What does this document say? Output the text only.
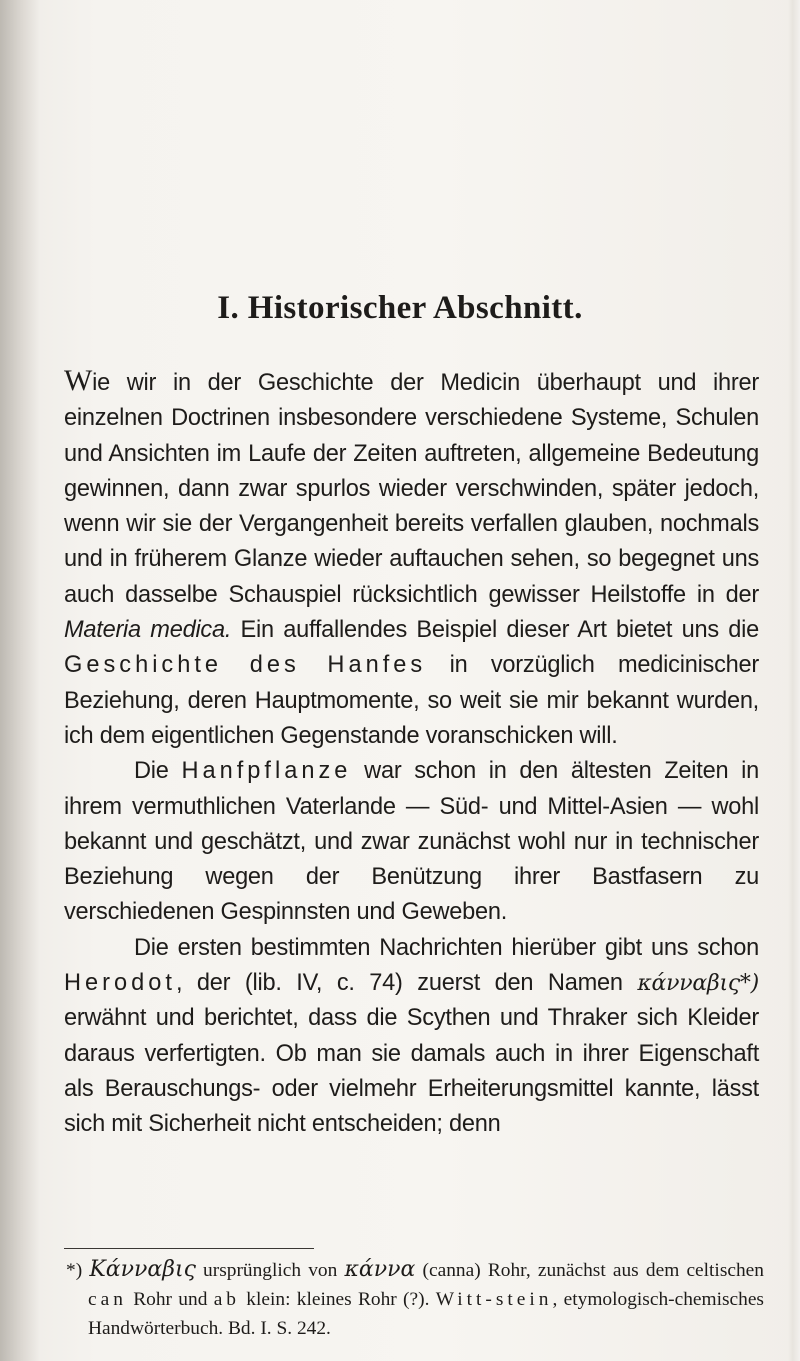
I. Historischer Abschnitt.

Wie wir in der Geschichte der Medicin überhaupt und ihrer einzelnen Doctrinen insbesondere verschiedene Systeme, Schulen und Ansichten im Laufe der Zeiten auftreten, allgemeine Bedeutung gewinnen, dann zwar spurlos wieder verschwinden, später jedoch, wenn wir sie der Vergangenheit bereits verfallen glauben, nochmals und in früherem Glanze wieder auftauchen sehen, so begegnet uns auch dasselbe Schauspiel rücksichtlich gewisser Heilstoffe in der Materia medica. Ein auffallendes Beispiel dieser Art bietet uns die Geschichte des Hanfes in vorzüglich medicinischer Beziehung, deren Hauptmomente, so weit sie mir bekannt wurden, ich dem eigentlichen Gegenstande voranschicken will.

Die Hanfpflanze war schon in den ältesten Zeiten in ihrem vermuthlichen Vaterlande — Süd- und Mittel-Asien — wohl bekannt und geschätzt, und zwar zunächst wohl nur in technischer Beziehung wegen der Benützung ihrer Bastfasern zu verschiedenen Gespinnsten und Geweben.

Die ersten bestimmten Nachrichten hierüber gibt uns schon Herodot, der (lib. IV, c. 74) zuerst den Namen κάνναβις*) erwähnt und berichtet, dass die Scythen und Thraker sich Kleider daraus verfertigten. Ob man sie damals auch in ihrer Eigenschaft als Berauschungs- oder vielmehr Erheiterungsmittel kannte, lässt sich mit Sicherheit nicht entscheiden; denn

*) Κάνναβις ursprünglich von κάννα (canna) Rohr, zunächst aus dem celtischen can Rohr und ab klein: kleines Rohr (?). Witt-stein, etymologisch-chemisches Handwörterbuch. Bd. I. S. 242.
